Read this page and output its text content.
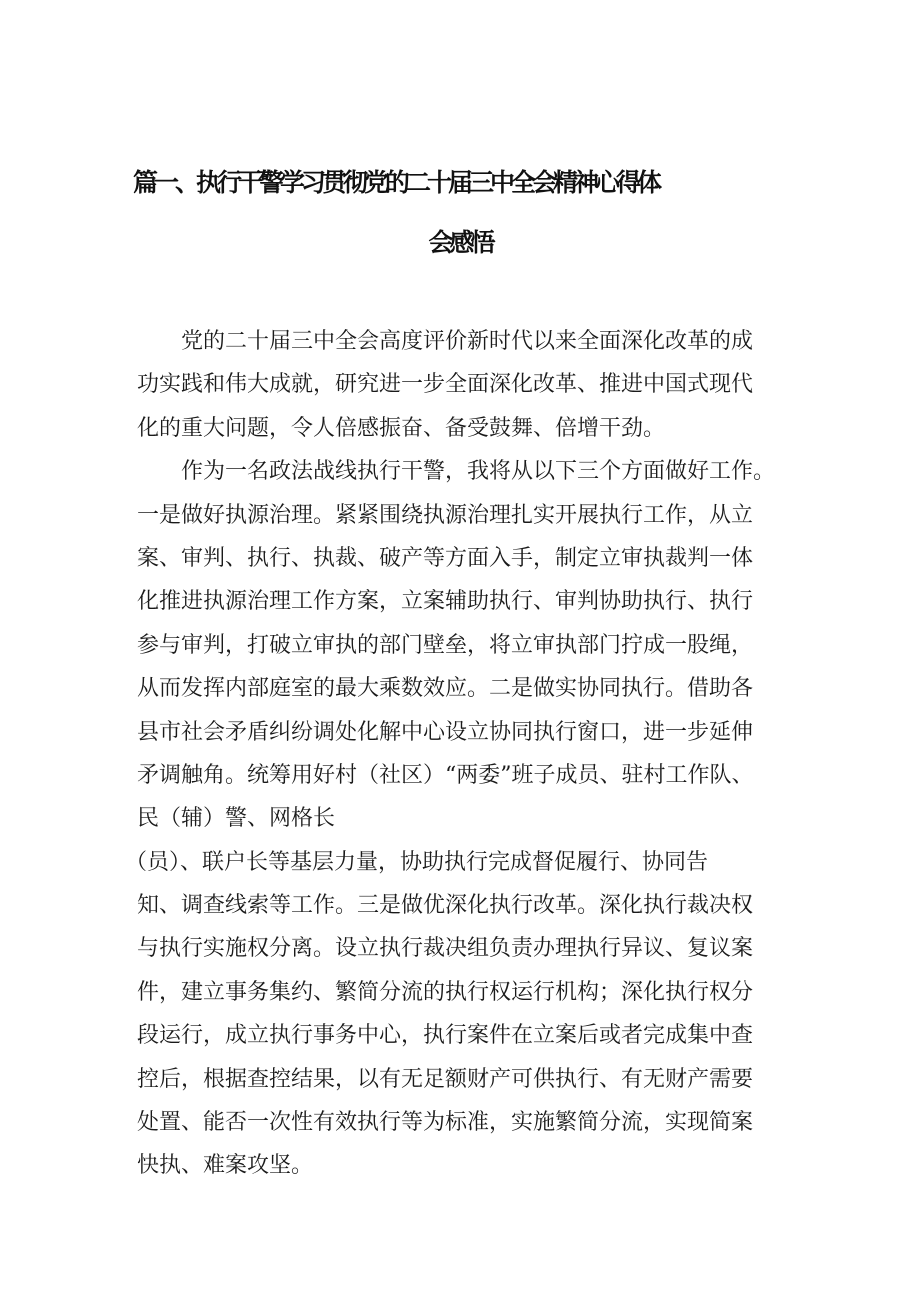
篇一、执行干警学习贯彻党的二十届三中全会精神心得体
会感悟
党的二十届三中全会高度评价新时代以来全面深化改革的成
功实践和伟大成就，研究进一步全面深化改革、推进中国式现代
化的重大问题，令人倍感振奋、备受鼓舞、倍增干劲。
作为一名政法战线执行干警，我将从以下三个方面做好工作。
一是做好执源治理。紧紧围绕执源治理扎实开展执行工作，从立
案、审判、执行、执裁、破产等方面入手，制定立审执裁判一体
化推进执源治理工作方案，立案辅助执行、审判协助执行、执行
参与审判，打破立审执的部门壁垒，将立审执部门拧成一股绳，
从而发挥内部庭室的最大乘数效应。二是做实协同执行。借助各
县市社会矛盾纠纷调处化解中心设立协同执行窗口，进一步延伸
矛调触角。统筹用好村（社区）“两委”班子成员、驻村工作队、
民（辅）警、网格长
（员）、联户长等基层力量，协助执行完成督促履行、协同告
知、调查线索等工作。三是做优深化执行改革。深化执行裁决权
与执行实施权分离。设立执行裁决组负责办理执行异议、复议案
件，建立事务集约、繁简分流的执行权运行机构；深化执行权分
段运行，成立执行事务中心，执行案件在立案后或者完成集中查
控后，根据查控结果，以有无足额财产可供执行、有无财产需要
处置、能否一次性有效执行等为标准，实施繁简分流，实现简案
快执、难案攻坚。
